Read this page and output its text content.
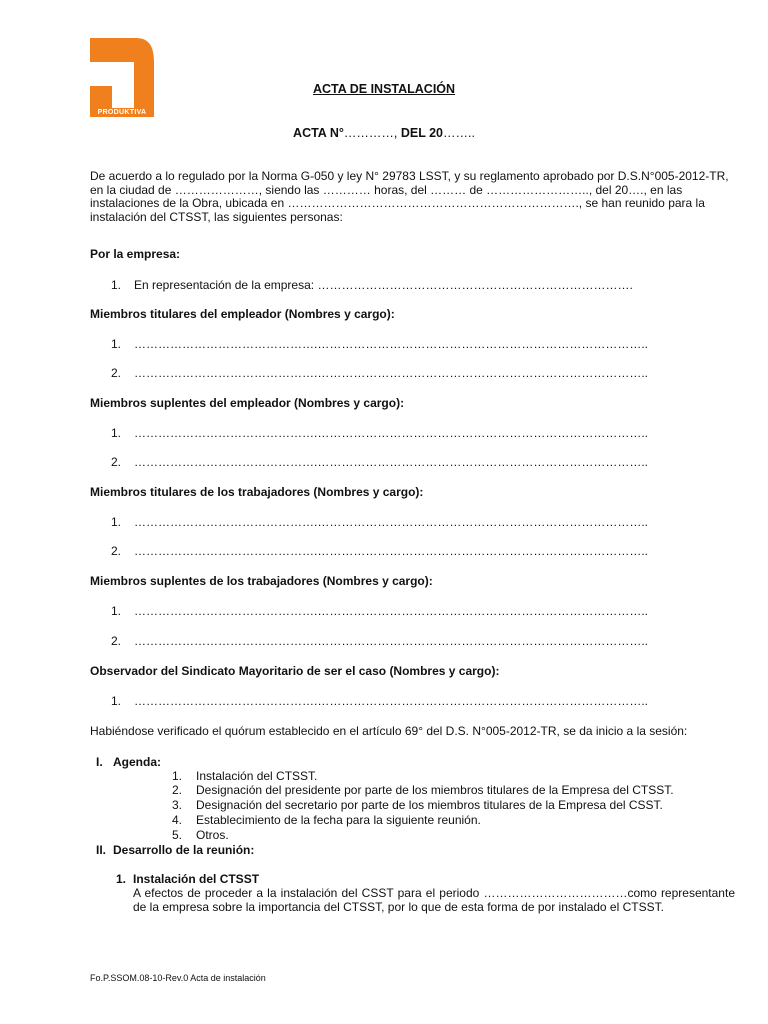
PRODUKTIVA
ACTA DE INSTALACIÓN
ACTA N°…………, DEL 20……..
De acuerdo a lo regulado por la Norma G-050 y ley N° 29783 LSST, y su reglamento aprobado por D.S.N°005-2012-TR, en la ciudad de …………………, siendo las ………… horas, del ……… de …………………….., del 20…., en las instalaciones de la Obra, ubicada en ………………………………………………………………., se han reunido para la instalación del CTSST, las siguientes personas:
Por la empresa:
1. En representación de la empresa: …………………………………………………………………….
Miembros titulares del empleador (Nombres y cargo):
1. ……………………………………….………………………………………………………………………..
2. ……………………………………….………………………………………………………………………..
Miembros suplentes del empleador (Nombres y cargo):
1. ……………………………………….………………………………………………………………………..
2. ……………………………………….………………………………………………………………………..
Miembros titulares de los trabajadores (Nombres y cargo):
1. ……………………………………….………………………………………………………………………..
2. ……………………………………….………………………………………………………………………..
Miembros suplentes de los trabajadores (Nombres y cargo):
1. ……………………………………….………………………………………………………………………..
2. ……………………………………….………………………………………………………………………..
Observador del Sindicato Mayoritario de ser el caso (Nombres y cargo):
1. ……………………………………….………………………………………………………………………..
Habiéndose verificado el quórum establecido en el artículo 69° del D.S. N°005-2012-TR, se da inicio a la sesión:
I. Agenda:
1. Instalación del CTSST.
2. Designación del presidente por parte de los miembros titulares de la Empresa del CTSST.
3. Designación del secretario por parte de los miembros titulares de la Empresa del CSST.
4. Establecimiento de la fecha para la siguiente reunión.
5. Otros.
II. Desarrollo de la reunión:
1. Instalación del CTSST
A efectos de proceder a la instalación del CSST para el periodo ………………………………como representante de la empresa sobre la importancia del CTSST, por lo que de esta forma de por instalado el CTSST.
Fo.P.SSOM.08-10-Rev.0 Acta de instalación
